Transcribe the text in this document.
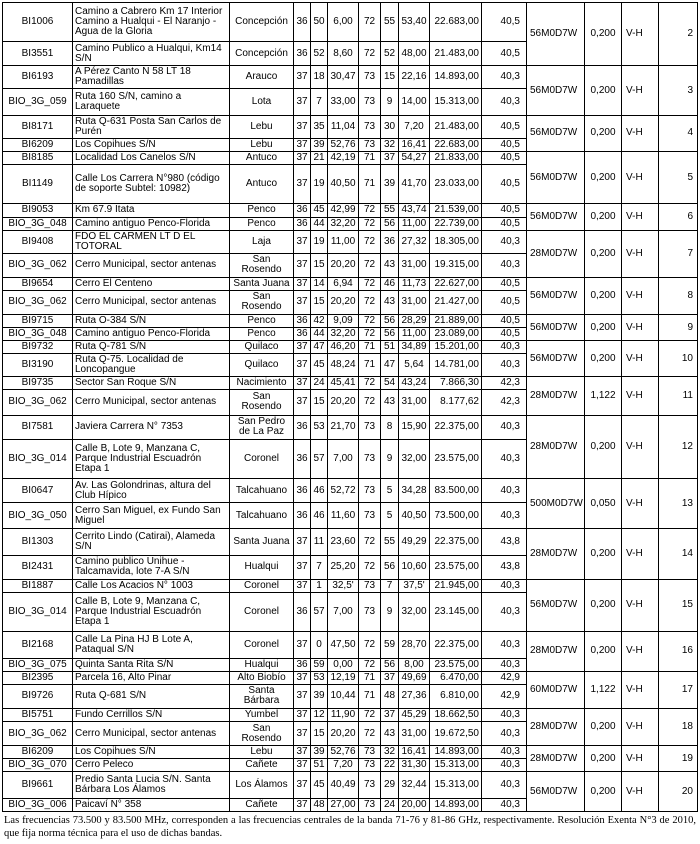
BI1006	Camino a Cabrero Km 17 Interior Camino a Hualqui - El Naranjo - Agua de la Gloria	Concepción	36	50	6,00	72	55	53,40	22.683,00	40,5	56M0D7W	0,200	V-H	2
BI3551	Camino Publico a Hualqui, Km14 S/N	Concepción	36	52	8,60	72	52	48,00	21.483,00	40,5				
BI6193	A Pérez Canto N 58 LT 18 Pamadillas	Arauco	37	18	30,47	73	15	22,16	14.893,00	40,3	56M0D7W	0,200	V-H	3
BIO_3G_059	Ruta 160 S/N, camino a Laraquete	Lota	37	7	33,00	73	9	14,00	15.313,00	40,3				
BI8171	Ruta Q-631 Posta San Carlos de Purén	Lebu	37	35	11,04	73	30	7,20	21.483,00	40,5	56M0D7W	0,200	V-H	4
BI6209	Los Copihues S/N	Lebu	37	39	52,76	73	32	16,41	22.683,00	40,5				
BI8185	Localidad Los Canelos S/N	Antuco	37	21	42,19	71	37	54,27	21.833,00	40,5	56M0D7W	0,200	V-H	5
BI1149	Calle Los Carrera N°980 (código de soporte Subtel: 10982)	Antuco	37	19	40,50	71	39	41,70	23.033,00	40,5				
BI9053	Km 67.9 Itata	Penco	36	45	42,99	72	55	43,74	21.539,00	40,5	56M0D7W	0,200	V-H	6
BIO_3G_048	Camino antiguo Penco-Florida	Penco	36	44	32,20	72	56	11,00	22.739,00	40,5				
BI9408	FDO EL CARMEN LT D EL TOTORAL	Laja	37	19	11,00	72	36	27,32	18.305,00	40,3	28M0D7W	0,200	V-H	7
BIO_3G_062	Cerro Municipal, sector antenas	San Rosendo	37	15	20,20	72	43	31,00	19.315,00	40,3				
BI9654	Cerro El Centeno	Santa Juana	37	14	6,94	72	46	11,73	22.627,00	40,5	56M0D7W	0,200	V-H	8
BIO_3G_062	Cerro Municipal, sector antenas	San Rosendo	37	15	20,20	72	43	31,00	21.427,00	40,5				
BI9715	Ruta O-384 S/N	Penco	36	42	9,09	72	56	28,29	21.889,00	40,5	56M0D7W	0,200	V-H	9
BIO_3G_048	Camino antiguo Penco-Florida	Penco	36	44	32,20	72	56	11,00	23.089,00	40,5				
BI9732	Ruta Q-781 S/N	Quilaco	37	47	46,20	71	51	34,89	15.201,00	40,3	56M0D7W	0,200	V-H	10
BI3190	Ruta Q-75. Localidad de Loncopangue	Quilaco	37	45	48,24	71	47	5,64	14.781,00	40,3				
BI9735	Sector San Roque S/N	Nacimiento	37	24	45,41	72	54	43,24	7.866,30	42,3	28M0D7W	1,122	V-H	11
BIO_3G_062	Cerro Municipal, sector antenas	San Rosendo	37	15	20,20	72	43	31,00	8.177,62	42,3				
BI7581	Javiera Carrera N° 7353	San Pedro de La Paz	36	53	21,70	73	8	15,90	22.375,00	40,3	28M0D7W	0,200	V-H	12
BIO_3G_014	Calle B, Lote 9, Manzana C, Parque Industrial Escuadrón Etapa 1	Coronel	36	57	7,00	73	9	32,00	23.575,00	40,3				
BI0647	Av. Las Golondrinas, altura del Club Hípico	Talcahuano	36	46	52,72	73	5	34,28	83.500,00	40,3	500M0D7W	0,050	V-H	13
BIO_3G_050	Cerro San Miguel, ex Fundo San Miguel	Talcahuano	36	46	11,60	73	5	40,50	73.500,00	40,3				
BI1303	Cerrito Lindo (Catirai), Alameda S/N	Santa Juana	37	11	23,60	72	55	49,29	22.375,00	43,8	28M0D7W	0,200	V-H	14
BI2431	Camino publico Unihue - Talcamavida, lote 7-A S/N	Hualqui	37	7	25,20	72	56	10,60	23.575,00	43,8				
BI1887	Calle Los Acacios N° 1003	Coronel	37	1	32,5'	73	7	37,5'	21.945,00	40,3	56M0D7W	0,200	V-H	15
BIO_3G_014	Calle B, Lote 9, Manzana C, Parque Industrial Escuadrón Etapa 1	Coronel	36	57	7,00	73	9	32,00	23.145,00	40,3				
BI2168	Calle La Pina HJ B Lote A, Pataqual S/N	Coronel	37	0	47,50	72	59	28,70	22.375,00	40,3	28M0D7W	0,200	V-H	16
BIO_3G_075	Quinta Santa Rita S/N	Hualqui	36	59	0,00	72	56	8,00	23.575,00	40,3				
BI2395	Parcela 16, Alto Pinar	Alto Biobío	37	53	12,19	71	37	49,69	6.470,00	42,9	60M0D7W	1,122	V-H	17
BI9726	Ruta Q-681 S/N	Santa Bárbara	37	39	10,44	71	48	27,36	6.810,00	42,9				
BI5751	Fundo Cerrillos S/N	Yumbel	37	12	11,90	72	37	45,29	18.662,50	40,3	28M0D7W	0,200	V-H	18
BIO_3G_062	Cerro Municipal, sector antenas	San Rosendo	37	15	20,20	72	43	31,00	19.672,50	40,3				
BI6209	Los Copihues S/N	Lebu	37	39	52,76	73	32	16,41	14.893,00	40,3	28M0D7W	0,200	V-H	19
BIO_3G_070	Cerro Peleco	Cañete	37	51	7,20	73	22	31,30	15.313,00	40,3				
BI9661	Predio Santa Lucia S/N. Santa Bárbara Los Álamos	Los Álamos	37	45	40,49	73	29	32,44	15.313,00	40,3	56M0D7W	0,200	V-H	20
BIO_3G_006	Paicaví N° 358	Cañete	37	48	27,00	73	24	20,00	14.893,00	40,3				

Las frecuencias 73.500 y 83.500 MHz, corresponden a las frecuencias centrales de la banda 71-76 y 81-86 GHz, respectivamente. Resolución Exenta N°3 de 2010, que fija norma técnica para el uso de dichas bandas.
